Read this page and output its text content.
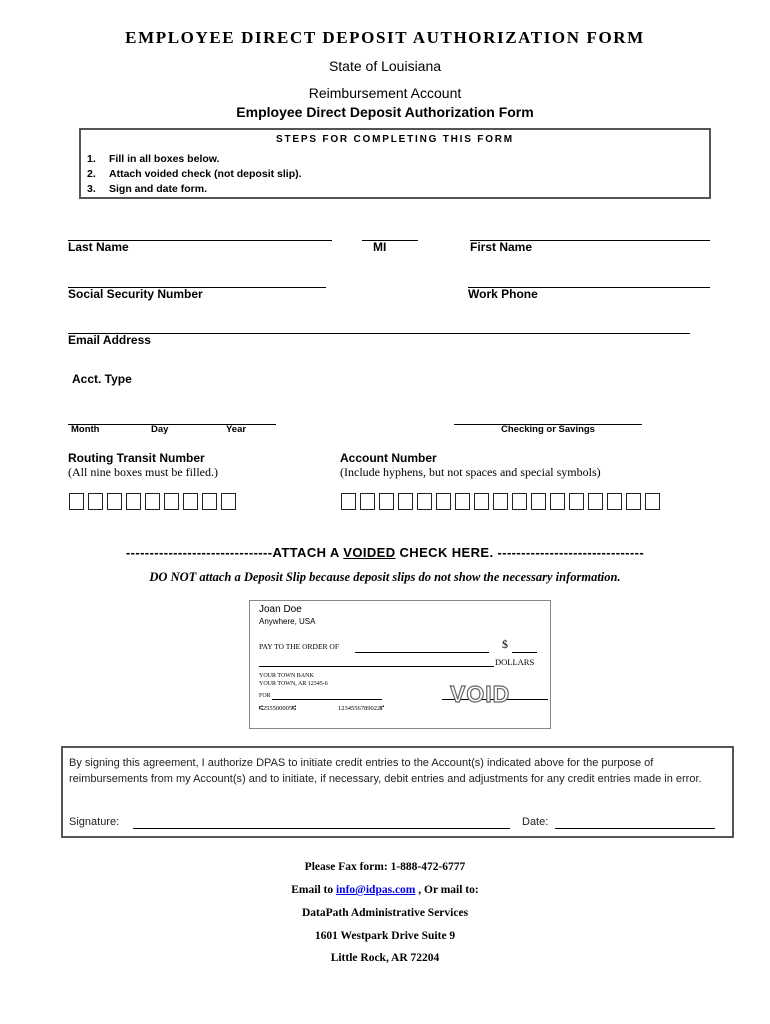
EMPLOYEE DIRECT DEPOSIT AUTHORIZATION FORM
State of Louisiana
Reimbursement Account
Employee Direct Deposit Authorization Form
STEPS FOR COMPLETING THIS FORM
1. Fill in all boxes below.
2. Attach voided check (not deposit slip).
3. Sign and date form.
Last Name	MI	First Name
Social Security Number	Work Phone
Email Address
Acct. Type
Month	Day	Year	Checking or Savings
Routing Transit Number
(All nine boxes must be filled.)
Account Number
(Include hyphens, but not spaces and special symbols)
-------------------------------ATTACH A VOIDED CHECK HERE. -------------------------------
DO NOT attach a Deposit Slip because deposit slips do not show the necessary information.
Joan Doe
Anywhere, USA
PAY TO THE ORDER OF	$
DOLLARS
YOUR TOWN BANK
YOUR TOWN, AR 12345-6
FOR
⑆255500005⑆	1234556789022⑈
VOID
By signing this agreement, I authorize DPAS to initiate credit entries to the Account(s) indicated above for the purpose of reimbursements from my Account(s) and to initiate, if necessary, debit entries and adjustments for any credit entries made in error.
Signature:	Date:
Please Fax form: 1-888-472-6777
Email to info@idpas.com , Or mail to:
DataPath Administrative Services
1601 Westpark Drive Suite 9
Little Rock, AR 72204
